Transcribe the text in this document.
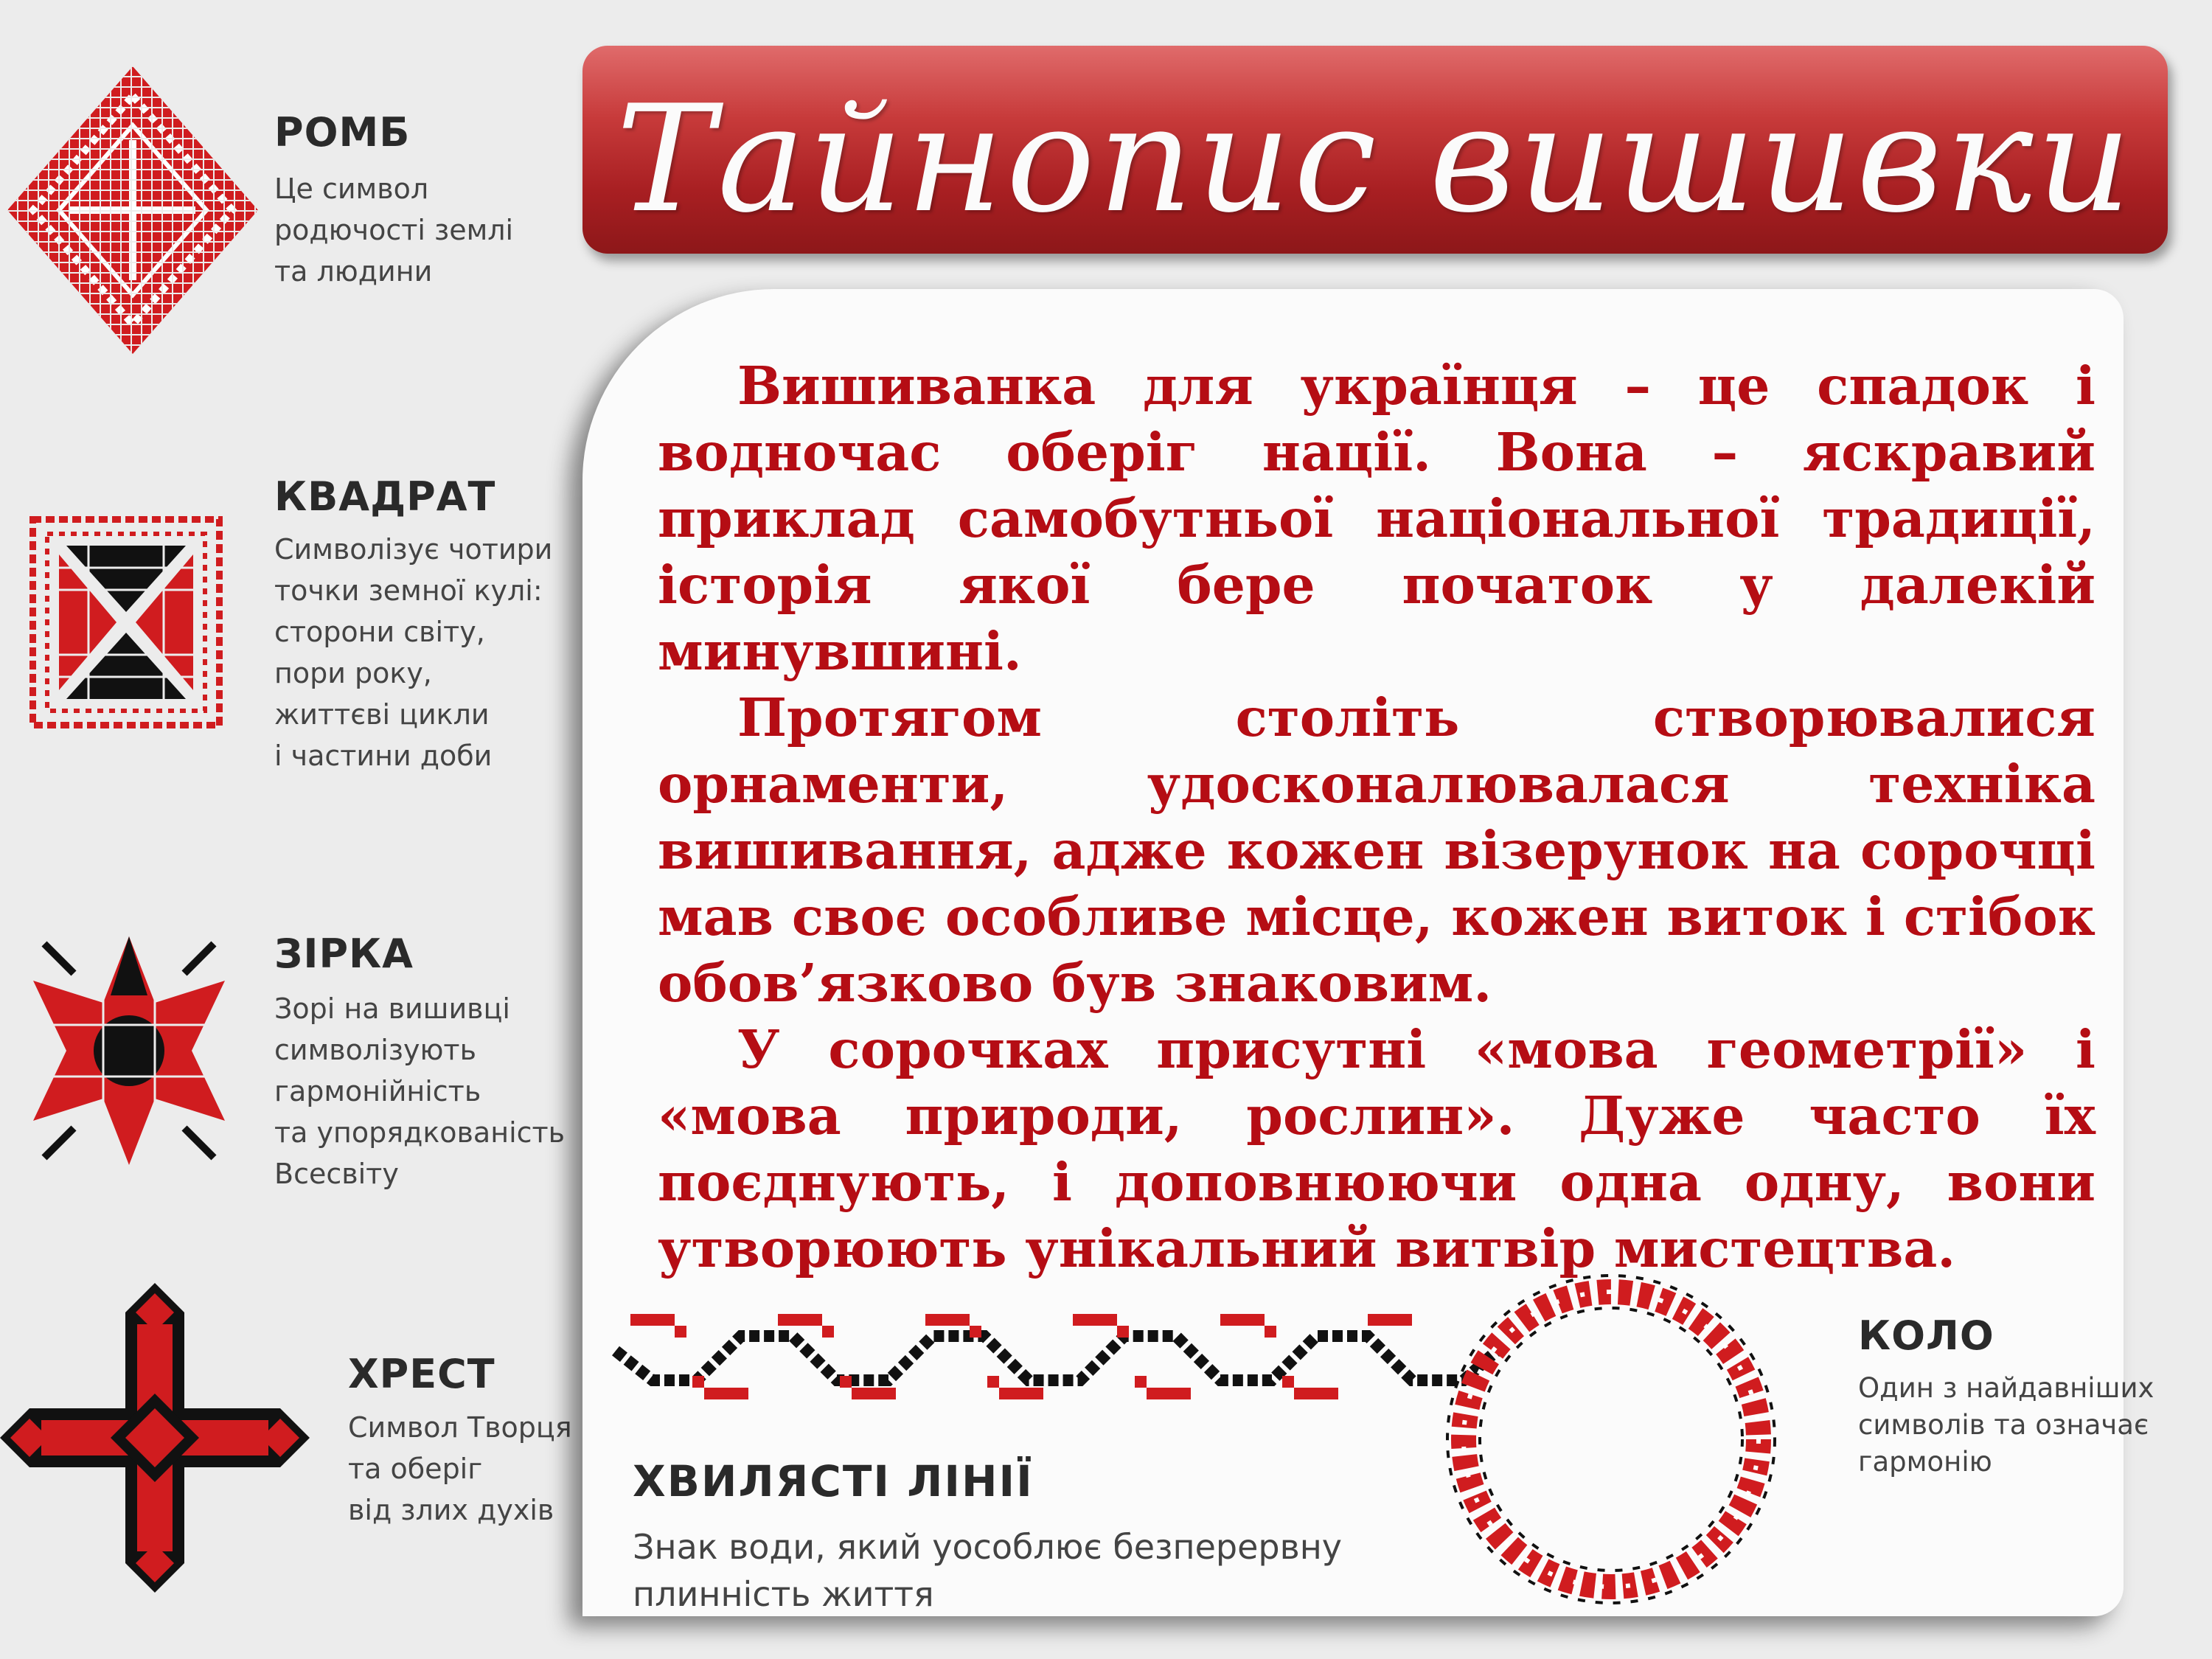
РОМБ
Це символ
родючості землі
та людини
КВАДРАТ
Символізує чотири
точки земної кулі:
сторони світу,
пори року,
життєві цикли
і частини доби
ЗІРКА
Зорі на вишивці
символізують
гармонійність
та упорядкованість
Всесвіту
ХРЕСТ
Символ Творця
та оберіг
від злих духів
Тайнопис вишивки

Вишиванка для українця – це спадок і водночас оберіг нації. Вона – яскравий приклад самобутньої національної традиції, історія якої бере початок у далекій минувшині.

Протягом століть створювалися орнаменти, удосконалювалася техніка вишивання, адже кожен візерунок на сорочці мав своє особливе місце, кожен виток і стібок обов’язково був знаковим.

У сорочках присутні «мова геометрії» і «мова природи, рослин». Дуже часто їх поєднують, і доповнюючи одна одну, вони утворюють унікальний витвір мистецтва.

ХВИЛЯСТІ ЛІНІЇ
Знак води, який уособлює безперервну
плинність життя
КОЛО
Один з найдавніших
символів та означає
гармонію
